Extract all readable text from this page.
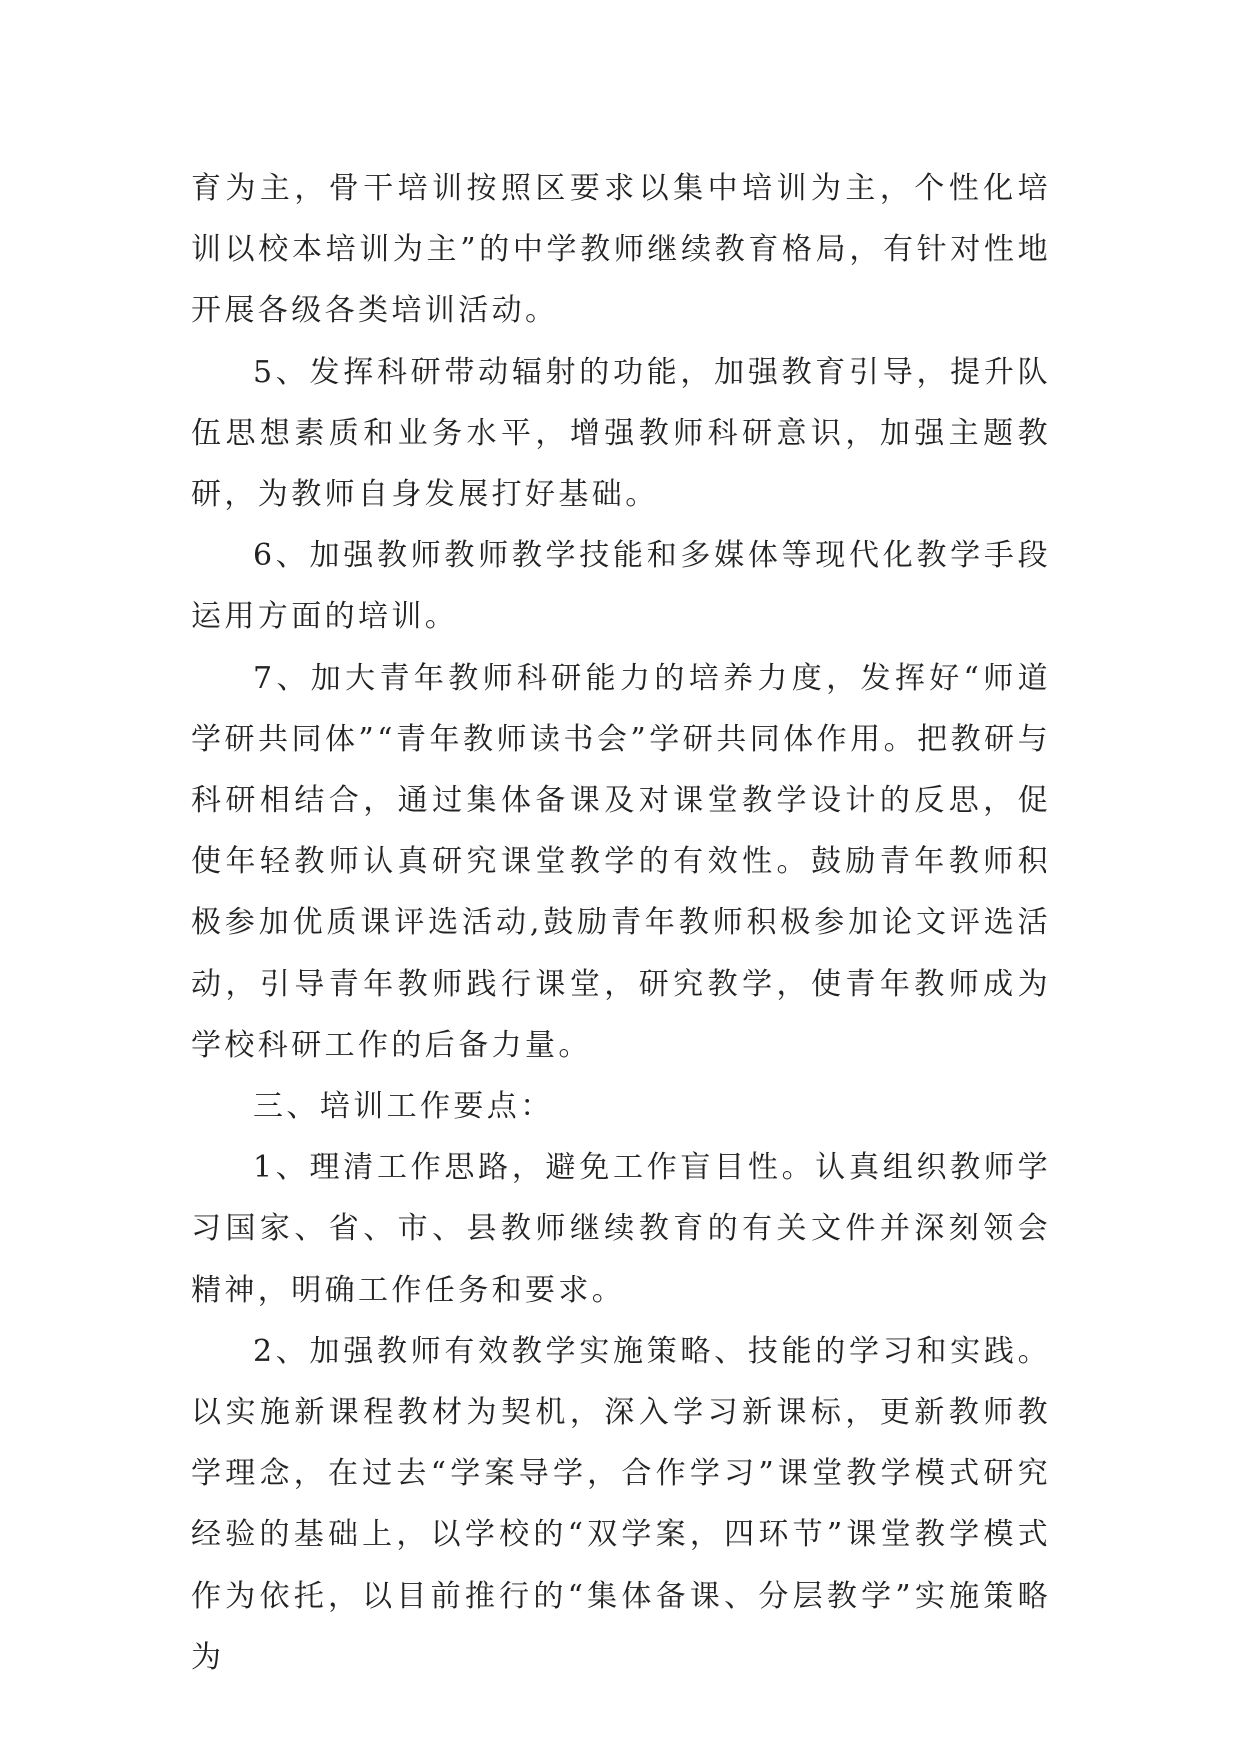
育为主，骨干培训按照区要求以集中培训为主，个性化培训以校本培训为主”的中学教师继续教育格局，有针对性地开展各级各类培训活动。

5、发挥科研带动辐射的功能，加强教育引导，提升队伍思想素质和业务水平，增强教师科研意识，加强主题教研，为教师自身发展打好基础。

6、加强教师教师教学技能和多媒体等现代化教学手段运用方面的培训。

7、加大青年教师科研能力的培养力度，发挥好“师道学研共同体”“青年教师读书会”学研共同体作用。把教研与科研相结合，通过集体备课及对课堂教学设计的反思，促使年轻教师认真研究课堂教学的有效性。鼓励青年教师积极参加优质课评选活动,鼓励青年教师积极参加论文评选活动，引导青年教师践行课堂，研究教学，使青年教师成为学校科研工作的后备力量。

三、培训工作要点：

1、理清工作思路，避免工作盲目性。认真组织教师学习国家、省、市、县教师继续教育的有关文件并深刻领会精神，明确工作任务和要求。

2、加强教师有效教学实施策略、技能的学习和实践。以实施新课程教材为契机，深入学习新课标，更新教师教学理念，在过去“学案导学，合作学习”课堂教学模式研究经验的基础上，以学校的“双学案，四环节”课堂教学模式作为依托，以目前推行的“集体备课、分层教学”实施策略为
